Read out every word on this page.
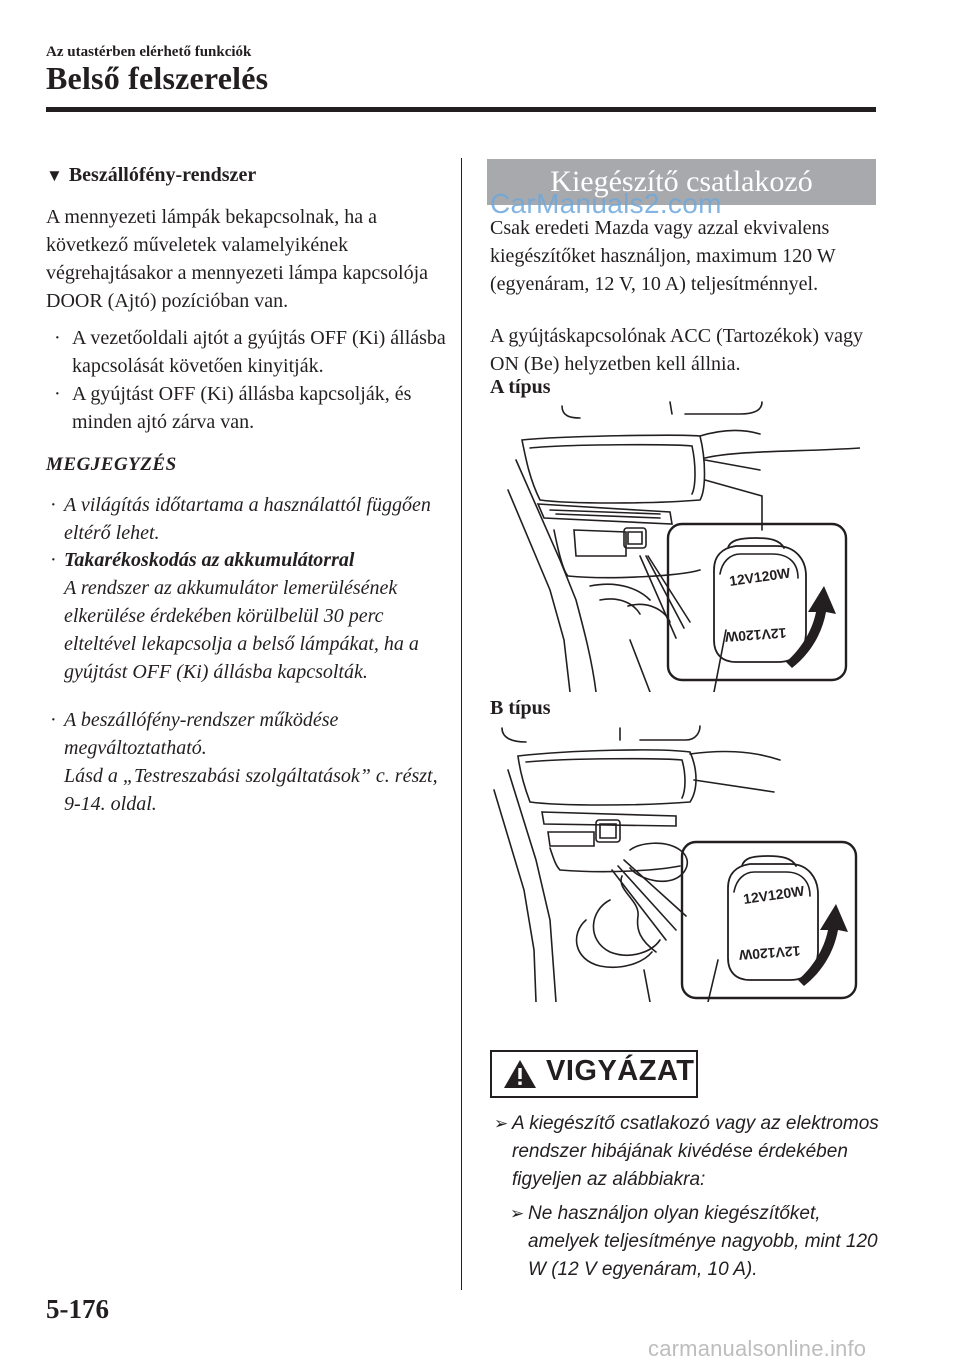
Az utastérben elérhető funkciók
Belső felszerelés
▼ Beszállófény-rendszer
A mennyezeti lámpák bekapcsolnak, ha a következő műveletek valamelyikének végrehajtásakor a mennyezeti lámpa kapcsolója DOOR (Ajtó) pozícióban van.
· A vezetőoldali ajtót a gyújtás OFF (Ki) állásba kapcsolását követően kinyitják.
· A gyújtást OFF (Ki) állásba kapcsolják, és minden ajtó zárva van.
MEGJEGYZÉS
· A világítás időtartama a használattól függően eltérő lehet.
· Takarékoskodás az akkumulátorral
A rendszer az akkumulátor lemerülésének elkerülése érdekében körülbelül 30 perc elteltével lekapcsolja a belső lámpákat, ha a gyújtást OFF (Ki) állásba kapcsolták.
· A beszállófény-rendszer működése megváltoztatható.
Lásd a „Testreszabási szolgáltatások” c. részt, 9-14. oldal.
Kiegészítő csatlakozó
CarManuals2.com
Csak eredeti Mazda vagy azzal ekvivalens kiegészítőket használjon, maximum 120 W (egyenáram, 12 V, 10 A) teljesítménnyel.
A gyújtáskapcsolónak ACC (Tartozékok) vagy ON (Be) helyzetben kell állnia.
A típus
12V120W
12V120W
B típus
12V120W
12V120W
VIGYÁZAT
➢ A kiegészítő csatlakozó vagy az elektromos rendszer hibájának kivédése érdekében figyeljen az alábbiakra:
➢ Ne használjon olyan kiegészítőket, amelyek teljesítménye nagyobb, mint 120 W (12 V egyenáram, 10 A).
5-176
carmanualsonline.info
